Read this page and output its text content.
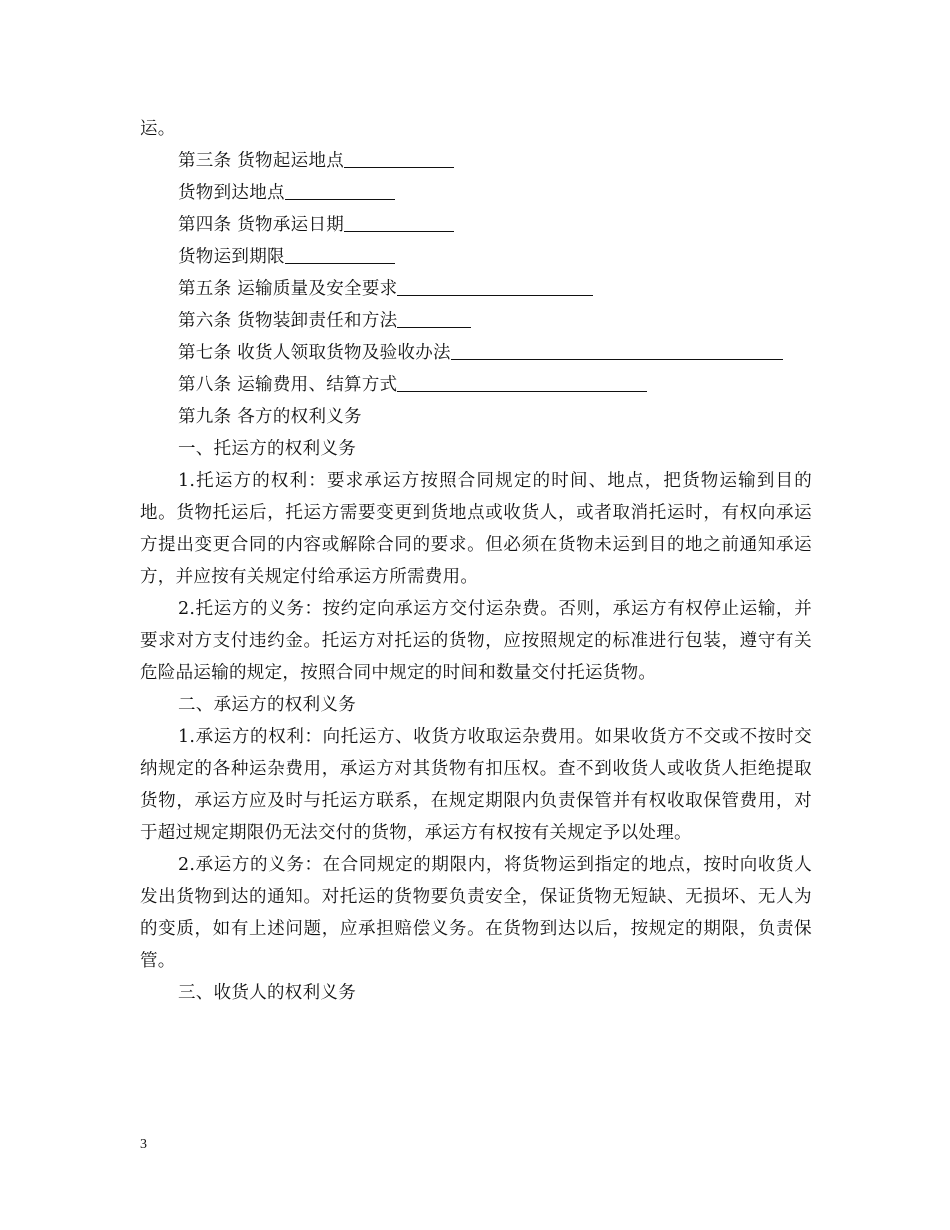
运。

第三条 货物起运地点

货物到达地点

第四条 货物承运日期

货物运到期限

第五条 运输质量及安全要求

第六条 货物装卸责任和方法

第七条 收货人领取货物及验收办法

第八条 运输费用、结算方式

第九条 各方的权利义务

一、托运方的权利义务

1.托运方的权利：要求承运方按照合同规定的时间、地点，把货物运输到目的地。货物托运后，托运方需要变更到货地点或收货人，或者取消托运时，有权向承运方提出变更合同的内容或解除合同的要求。但必须在货物未运到目的地之前通知承运方，并应按有关规定付给承运方所需费用。

2.托运方的义务：按约定向承运方交付运杂费。否则，承运方有权停止运输，并要求对方支付违约金。托运方对托运的货物，应按照规定的标准进行包装，遵守有关危险品运输的规定，按照合同中规定的时间和数量交付托运货物。

二、承运方的权利义务

1.承运方的权利：向托运方、收货方收取运杂费用。如果收货方不交或不按时交纳规定的各种运杂费用，承运方对其货物有扣压权。查不到收货人或收货人拒绝提取货物，承运方应及时与托运方联系，在规定期限内负责保管并有权收取保管费用，对于超过规定期限仍无法交付的货物，承运方有权按有关规定予以处理。

2.承运方的义务：在合同规定的期限内，将货物运到指定的地点，按时向收货人发出货物到达的通知。对托运的货物要负责安全，保证货物无短缺、无损坏、无人为的变质，如有上述问题，应承担赔偿义务。在货物到达以后，按规定的期限，负责保管。

三、收货人的权利义务

3
